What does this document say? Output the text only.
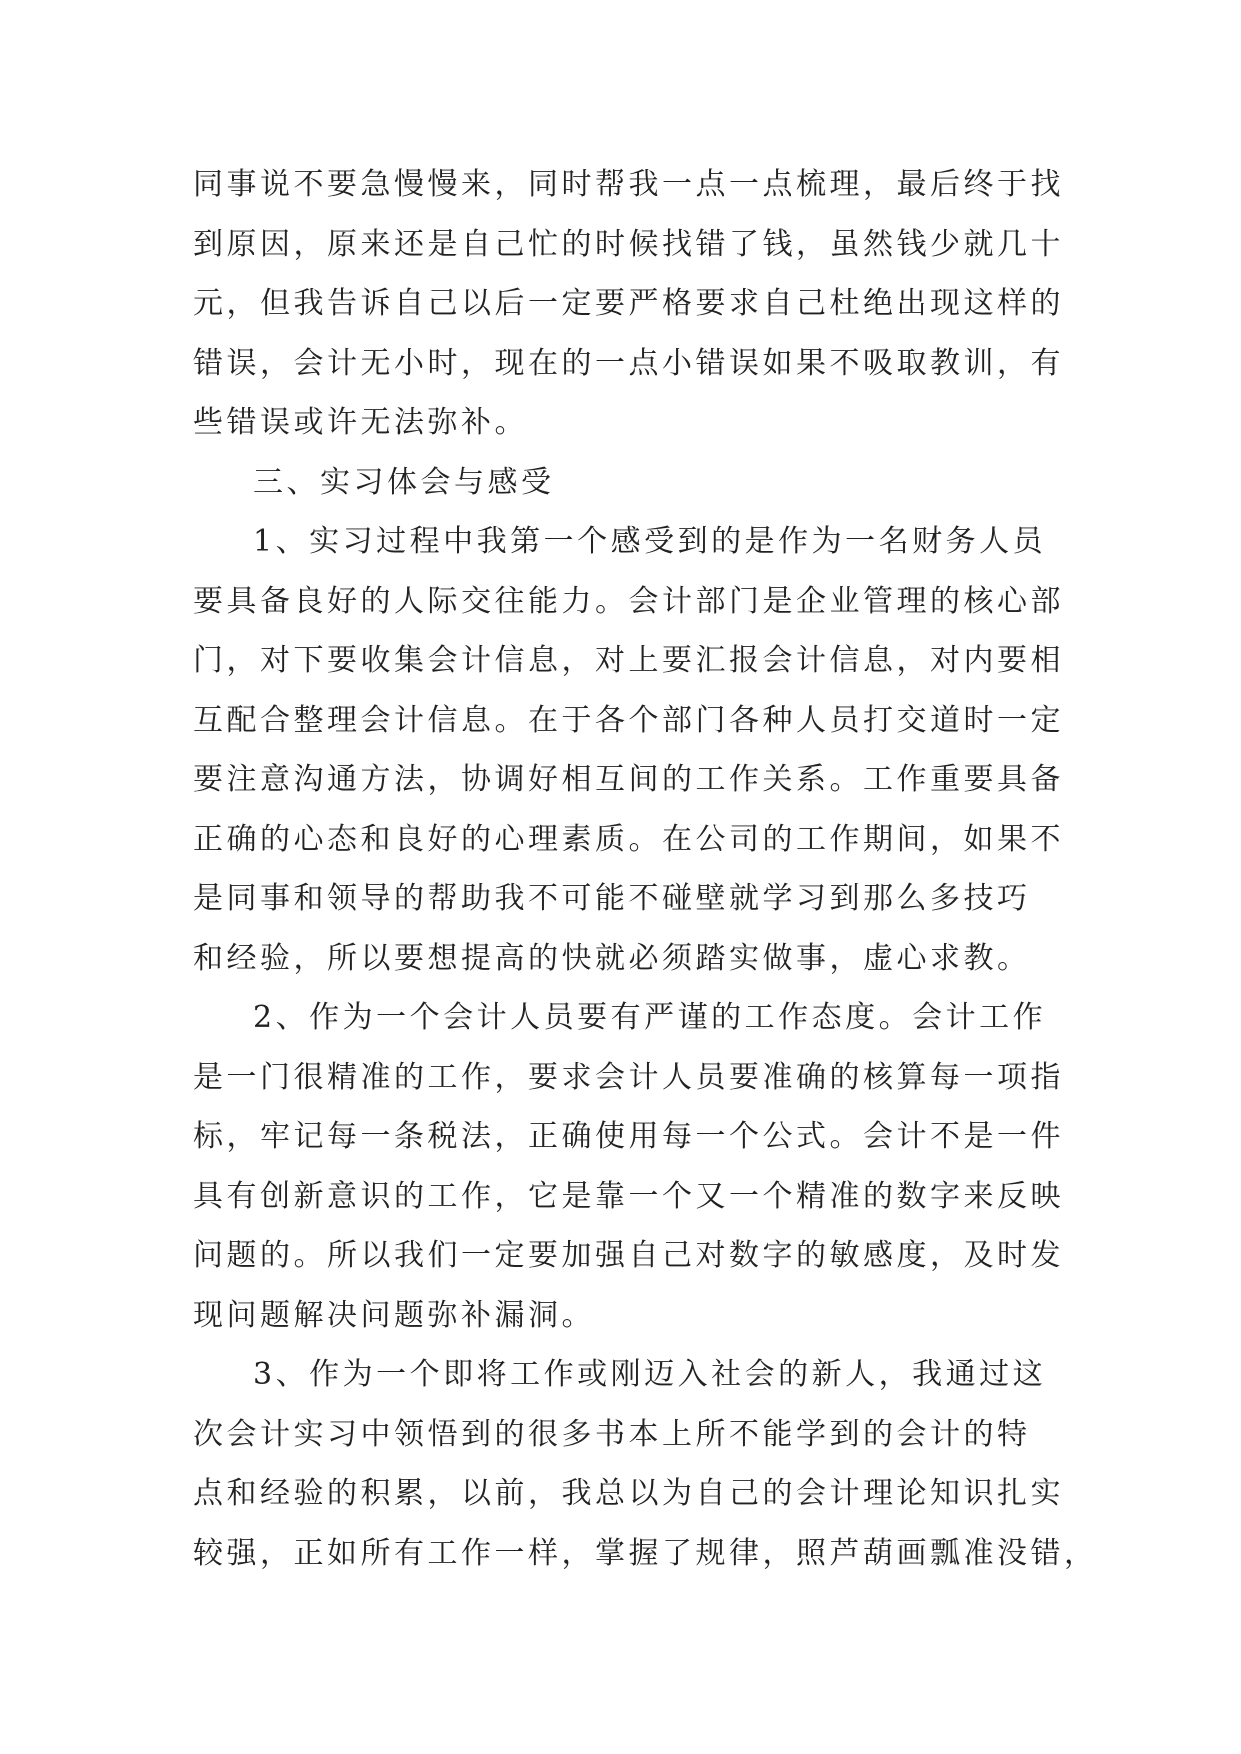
同事说不要急慢慢来，同时帮我一点一点梳理，最后终于找
到原因，原来还是自己忙的时候找错了钱，虽然钱少就几十
元，但我告诉自己以后一定要严格要求自己杜绝出现这样的
错误，会计无小时，现在的一点小错误如果不吸取教训，有
些错误或许无法弥补。
三、实习体会与感受
1、实习过程中我第一个感受到的是作为一名财务人员
要具备良好的人际交往能力。会计部门是企业管理的核心部
门，对下要收集会计信息，对上要汇报会计信息，对内要相
互配合整理会计信息。在于各个部门各种人员打交道时一定
要注意沟通方法，协调好相互间的工作关系。工作重要具备
正确的心态和良好的心理素质。在公司的工作期间，如果不
是同事和领导的帮助我不可能不碰壁就学习到那么多技巧
和经验，所以要想提高的快就必须踏实做事，虚心求教。
2、作为一个会计人员要有严谨的工作态度。会计工作
是一门很精准的工作，要求会计人员要准确的核算每一项指
标，牢记每一条税法，正确使用每一个公式。会计不是一件
具有创新意识的工作，它是靠一个又一个精准的数字来反映
问题的。所以我们一定要加强自己对数字的敏感度，及时发
现问题解决问题弥补漏洞。
3、作为一个即将工作或刚迈入社会的新人，我通过这
次会计实习中领悟到的很多书本上所不能学到的会计的特
点和经验的积累，以前，我总以为自己的会计理论知识扎实
较强，正如所有工作一样，掌握了规律，照芦葫画瓢准没错，
